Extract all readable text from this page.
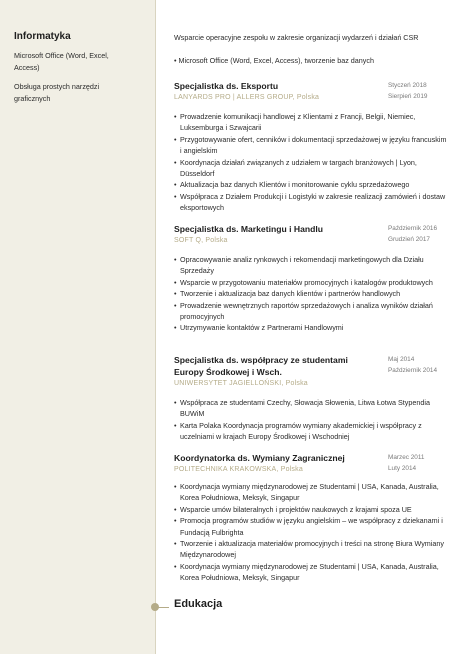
Informatyka
Microsoft Office (Word, Excel, Access)
Obsługa prostych narzędzi graficznych
Wsparcie operacyjne zespołu w zakresie organizacji wydarzeń i działań CSR
• Microsoft Office (Word, Excel, Access), tworzenie baz danych
Specjalistka ds. Eksportu
LANYARDS PRO | ALLERS GROUP, Polska
Styczeń 2018
Sierpień 2019
• Prowadzenie komunikacji handlowej z Klientami z Francji, Belgii, Niemiec, Luksemburga i Szwajcarii
• Przygotowywanie ofert, cenników i dokumentacji sprzedażowej w języku francuskim i angielskim
• Koordynacja działań związanych z udziałem w targach branżowych | Lyon, Düsseldorf
• Aktualizacja baz danych Klientów i monitorowanie cyklu sprzedażowego
• Współpraca z Działem Produkcji i Logistyki w zakresie realizacji zamówień i dostaw eksportowych
Specjalistka ds. Marketingu i Handlu
SOFT Q, Polska
Październik 2016
Grudzień 2017
• Opracowywanie analiz rynkowych i rekomendacji marketingowych dla Działu Sprzedaży
• Wsparcie w przygotowaniu materiałów promocyjnych i katalogów produktowych
• Tworzenie i aktualizacja baz danych klientów i partnerów handlowych
• Prowadzenie wewnętrznych raportów sprzedażowych i analiza wyników działań promocyjnych
• Utrzymywanie kontaktów z Partnerami Handlowymi
Specjalistka ds. współpracy ze studentami Europy Środkowej i Wsch.
UNIWERSYTET JAGIELLOŃSKI, Polska
Maj 2014
Październik 2014
• Współpraca ze studentami Czechy, Słowacja Słowenia, Litwa Łotwa Stypendia BUWiM
• Karta Polaka Koordynacja programów wymiany akademickiej i współpracy z uczelniami w krajach Europy Środkowej i Wschodniej
Koordynatorka ds. Wymiany Zagranicznej
POLITECHNIKA KRAKOWSKA, Polska
Marzec 2011
Luty 2014
• Koordynacja wymiany międzynarodowej ze Studentami | USA, Kanada, Australia, Korea Południowa, Meksyk, Singapur
• Wsparcie umów bilateralnych i projektów naukowych z krajami spoza UE
• Promocja programów studiów w języku angielskim – we współpracy z dziekanami i Fundacją Fulbrighta
• Tworzenie i aktualizacja materiałów promocyjnych i treści na stronę Biura Wymiany Międzynarodowej
• Koordynacja wymiany międzynarodowej ze Studentami | USA, Kanada, Australia, Korea Południowa, Meksyk, Singapur
Edukacja
